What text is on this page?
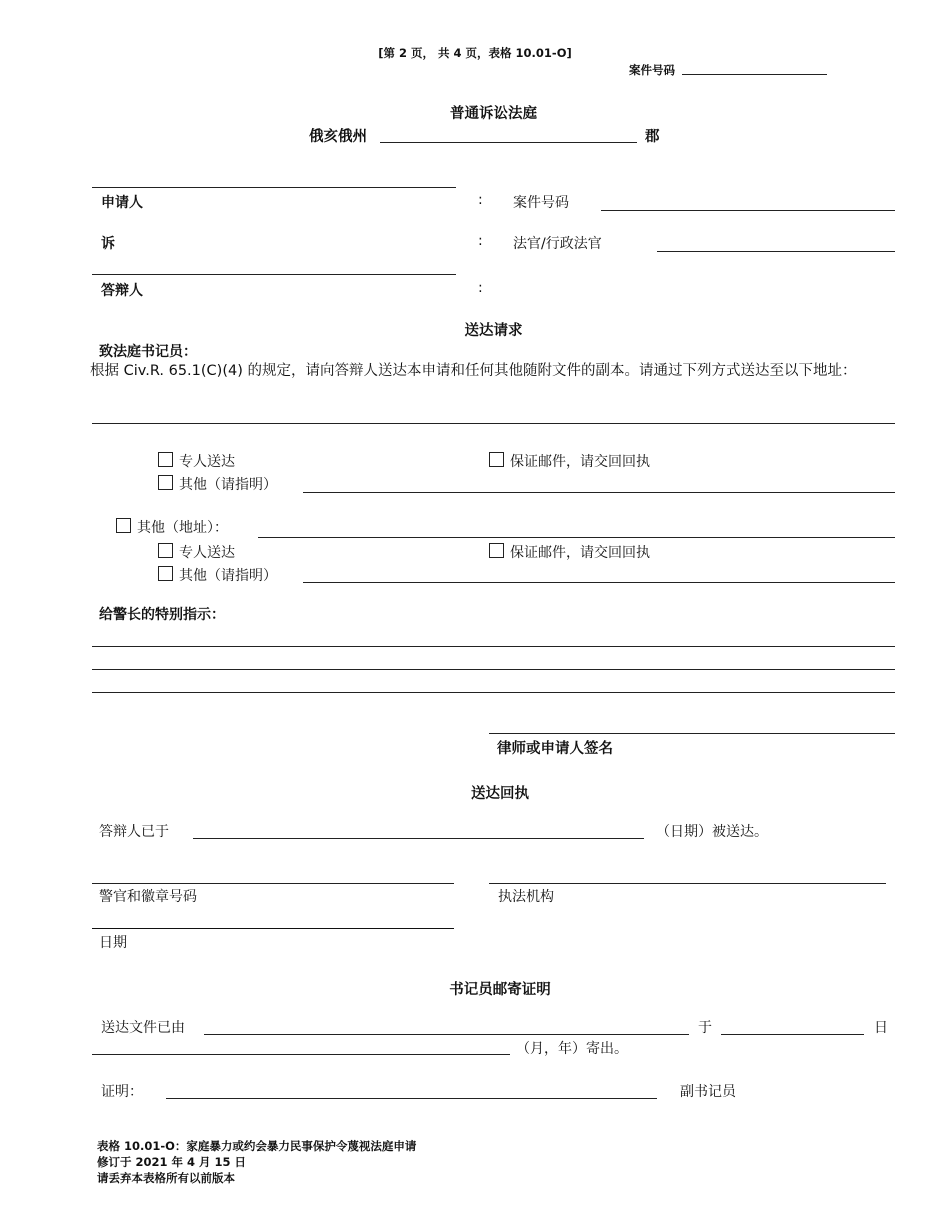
[第 2 页， 共 4 页，表格 10.01-O]
案件号码
普通诉讼法庭
俄亥俄州	郡
申请人	: 案件号码
诉	: 法官/行政法官
答辩人	:
送达请求
致法庭书记员：
根据 Civ.R. 65.1(C)(4) 的规定，请向答辩人送达本申请和任何其他随附文件的副本。请通过下列方式送达至以下地址：
专人送达	保证邮件，请交回回执
其他（请指明）
其他（地址）：
专人送达	保证邮件，请交回回执
其他（请指明）
给警长的特别指示：
律师或申请人签名
送达回执
答辩人已于	（日期）被送达。
警官和徽章号码	执法机构
日期
书记员邮寄证明
送达文件已由	于	日
（月，年）寄出。
证明：	副书记员
表格 10.01-O：家庭暴力或约会暴力民事保护令蔑视法庭申请
修订于 2021 年 4 月 15 日
请丢弃本表格所有以前版本
